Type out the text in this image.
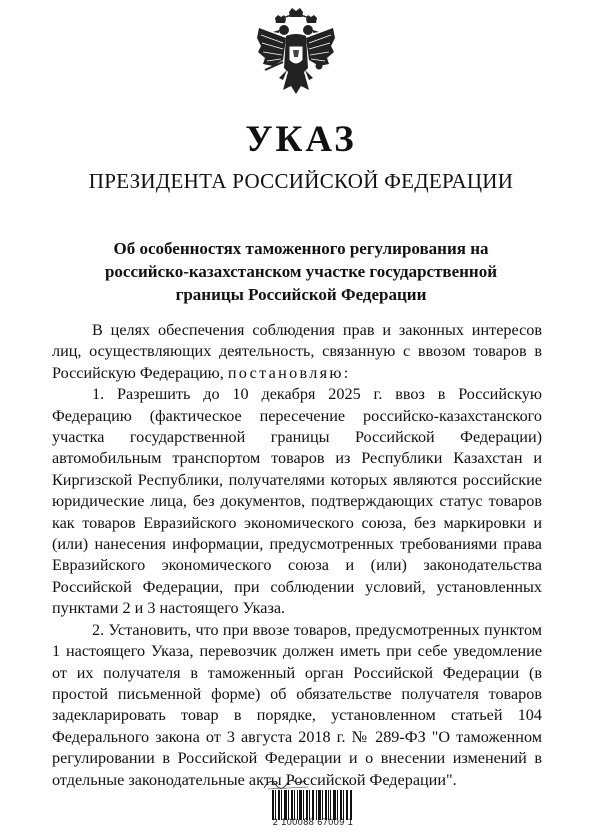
УКАЗ
ПРЕЗИДЕНТА РОССИЙСКОЙ ФЕДЕРАЦИИ
Об особенностях таможенного регулирования на
российско-казахстанском участке государственной
границы Российской Федерации

В целях обеспечения соблюдения прав и законных интересов лиц, осуществляющих деятельность, связанную с ввозом товаров в Российскую Федерацию, постановляю:

1. Разрешить до 10 декабря 2025 г. ввоз в Российскую Федерацию (фактическое пересечение российско-казахстанского участка государственной границы Российской Федерации) автомобильным транспортом товаров из Республики Казахстан и Киргизской Республики, получателями которых являются российские юридические лица, без документов, подтверждающих статус товаров как товаров Евразийского экономического союза, без маркировки и (или) нанесения информации, предусмотренных требованиями права Евразийского экономического союза и (или) законодательства Российской Федерации, при соблюдении условий, установленных пунктами 2 и 3 настоящего Указа.

2. Установить, что при ввозе товаров, предусмотренных пунктом 1 настоящего Указа, перевозчик должен иметь при себе уведомление от их получателя в таможенный орган Российской Федерации (в простой письменной форме) об обязательстве получателя товаров задекларировать товар в порядке, установленном статьей 104 Федерального закона от 3 августа 2018 г. № 289-ФЗ "О таможенном регулировании в Российской Федерации и о внесении изменений в отдельные законодательные акты Российской Федерации".

2 100088 67009 1
